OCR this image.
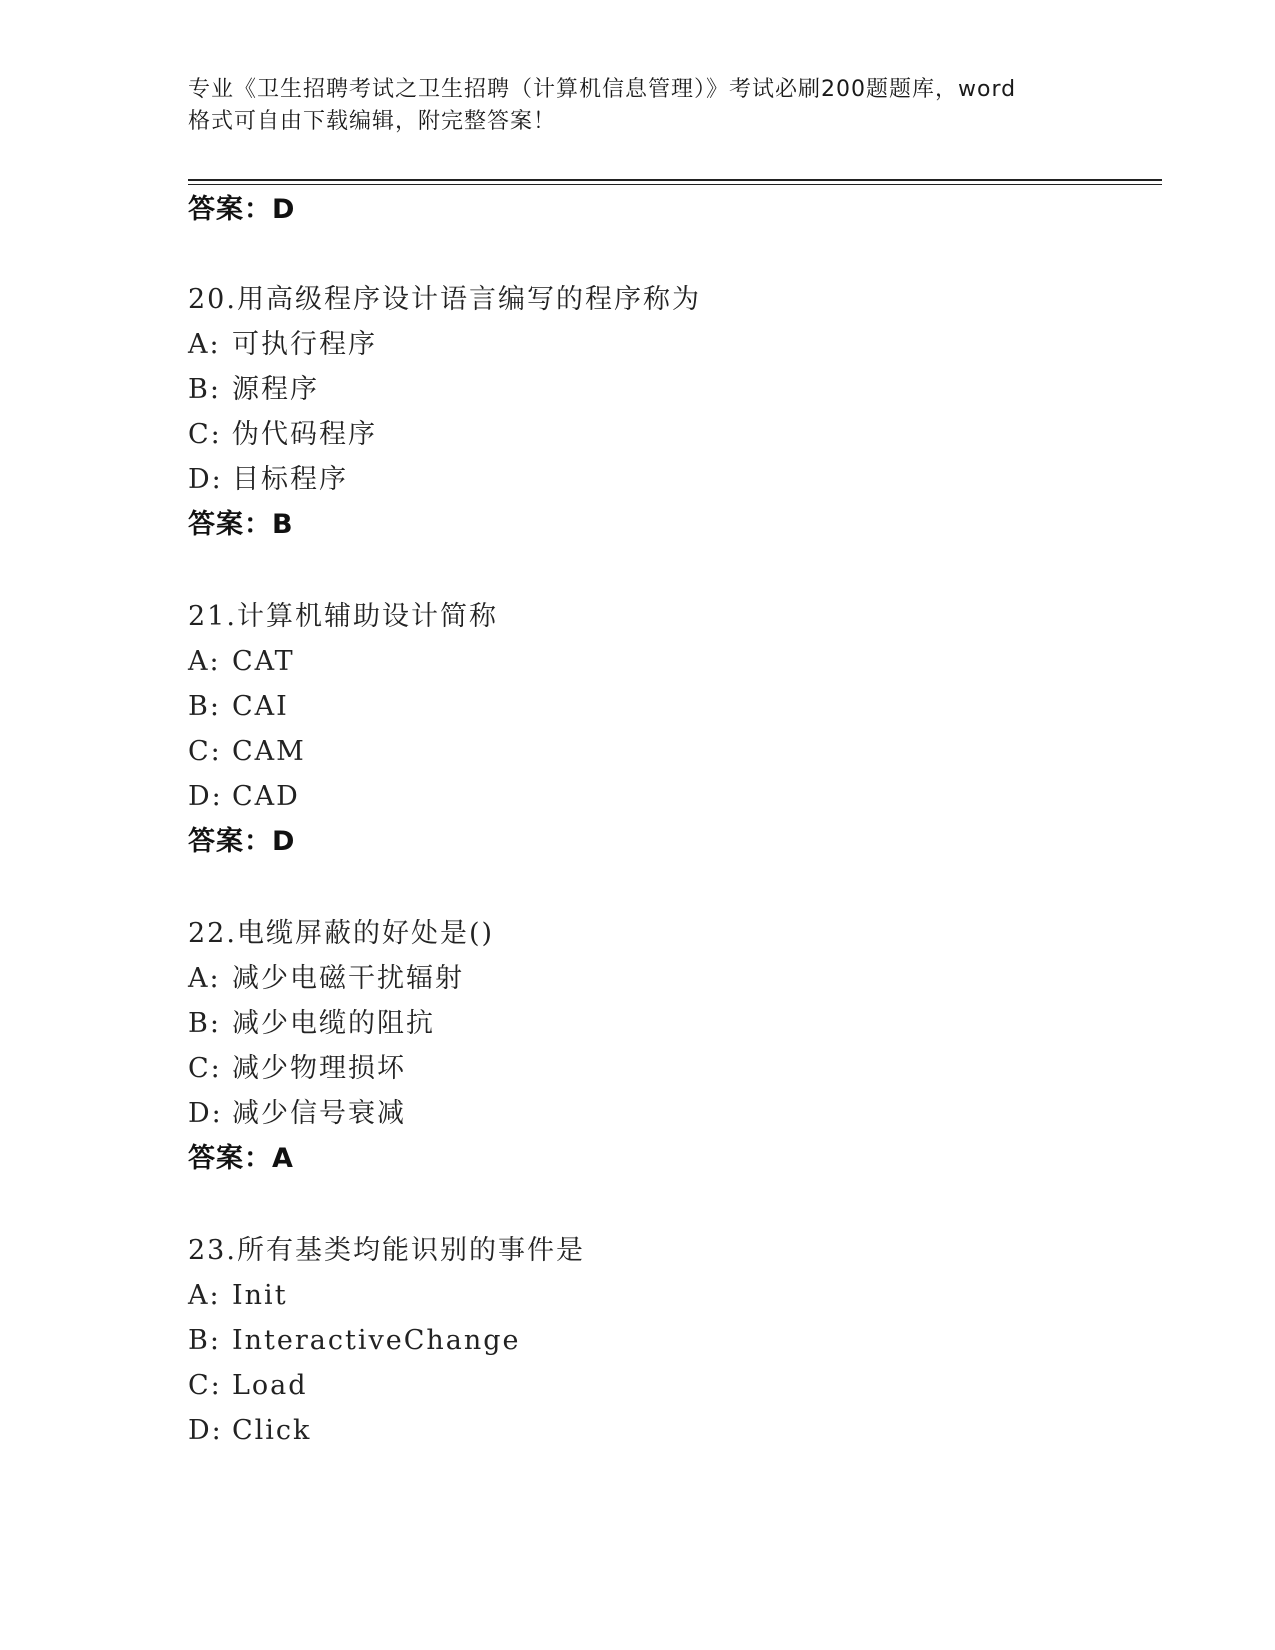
专业《卫生招聘考试之卫生招聘（计算机信息管理）》考试必刷200题题库，word
格式可自由下载编辑，附完整答案！
答案：D
20.用高级程序设计语言编写的程序称为
A: 可执行程序
B: 源程序
C: 伪代码程序
D: 目标程序
答案：B
21.计算机辅助设计简称
A: CAT
B: CAI
C: CAM
D: CAD
答案：D
22.电缆屏蔽的好处是()
A: 减少电磁干扰辐射
B: 减少电缆的阻抗
C: 减少物理损坏
D: 减少信号衰减
答案：A
23.所有基类均能识别的事件是
A: Init
B: InteractiveChange
C: Load
D: Click
